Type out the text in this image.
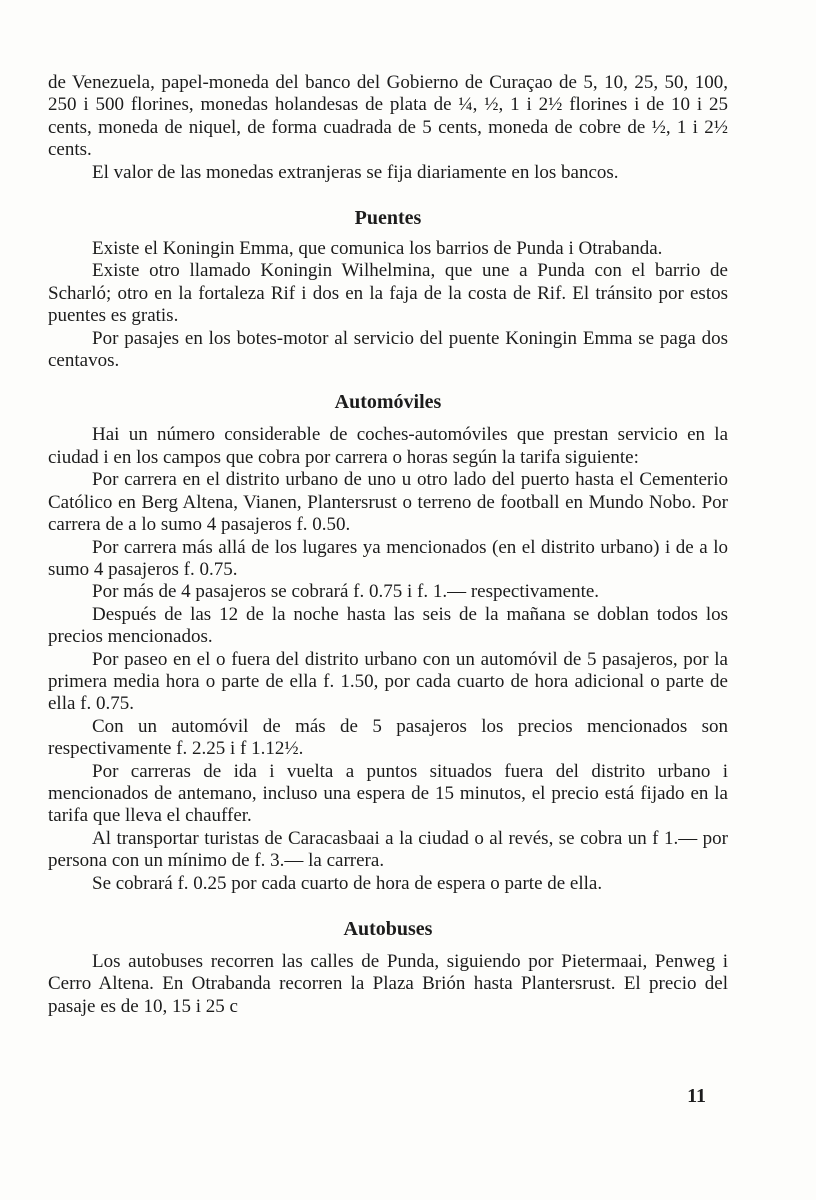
de Venezuela, papel-moneda del banco del Gobierno de Curaçao de 5, 10, 25, 50, 100, 250 i 500 florines, monedas holandesas de plata de ¼, ½, 1 i 2½ florines i de 10 i 25 cents, moneda de niquel, de forma cuadrada de 5 cents, moneda de cobre de ½, 1 i 2½ cents.

El valor de las monedas extranjeras se fija diariamente en los bancos.

Puentes

Existe el Koningin Emma, que comunica los barrios de Punda i Otrabanda.

Existe otro llamado Koningin Wilhelmina, que une a Punda con el barrio de Scharló; otro en la fortaleza Rif i dos en la faja de la costa de Rif. El tránsito por estos puentes es gratis.

Por pasajes en los botes-motor al servicio del puente Koningin Emma se paga dos centavos.

Automóviles

Hai un número considerable de coches-automóviles que prestan servicio en la ciudad i en los campos que cobra por carrera o horas según la tarifa siguiente:

Por carrera en el distrito urbano de uno u otro lado del puerto hasta el Cementerio Católico en Berg Altena, Vianen, Plantersrust o terreno de football en Mundo Nobo. Por carrera de a lo sumo 4 pasajeros f. 0.50.

Por carrera más allá de los lugares ya mencionados (en el distrito urbano) i de a lo sumo 4 pasajeros f. 0.75.

Por más de 4 pasajeros se cobrará f. 0.75 i f. 1.— respectivamente.

Después de las 12 de la noche hasta las seis de la mañana se doblan todos los precios mencionados.

Por paseo en el o fuera del distrito urbano con un automóvil de 5 pasajeros, por la primera media hora o parte de ella f. 1.50, por cada cuarto de hora adicional o parte de ella f. 0.75.

Con un automóvil de más de 5 pasajeros los precios mencionados son respectivamente f. 2.25 i f 1.12½.

Por carreras de ida i vuelta a puntos situados fuera del distrito urbano i mencionados de antemano, incluso una espera de 15 minutos, el precio está fijado en la tarifa que lleva el chauffer.

Al transportar turistas de Caracasbaai a la ciudad o al revés, se cobra un f 1.— por persona con un mínimo de f. 3.— la carrera.

Se cobrará f. 0.25 por cada cuarto de hora de espera o parte de ella.

Autobuses

Los autobuses recorren las calles de Punda, siguiendo por Pietermaai, Penweg i Cerro Altena. En Otrabanda recorren la Plaza Brión hasta Plantersrust. El precio del pasaje es de 10, 15 i 25 c

11
